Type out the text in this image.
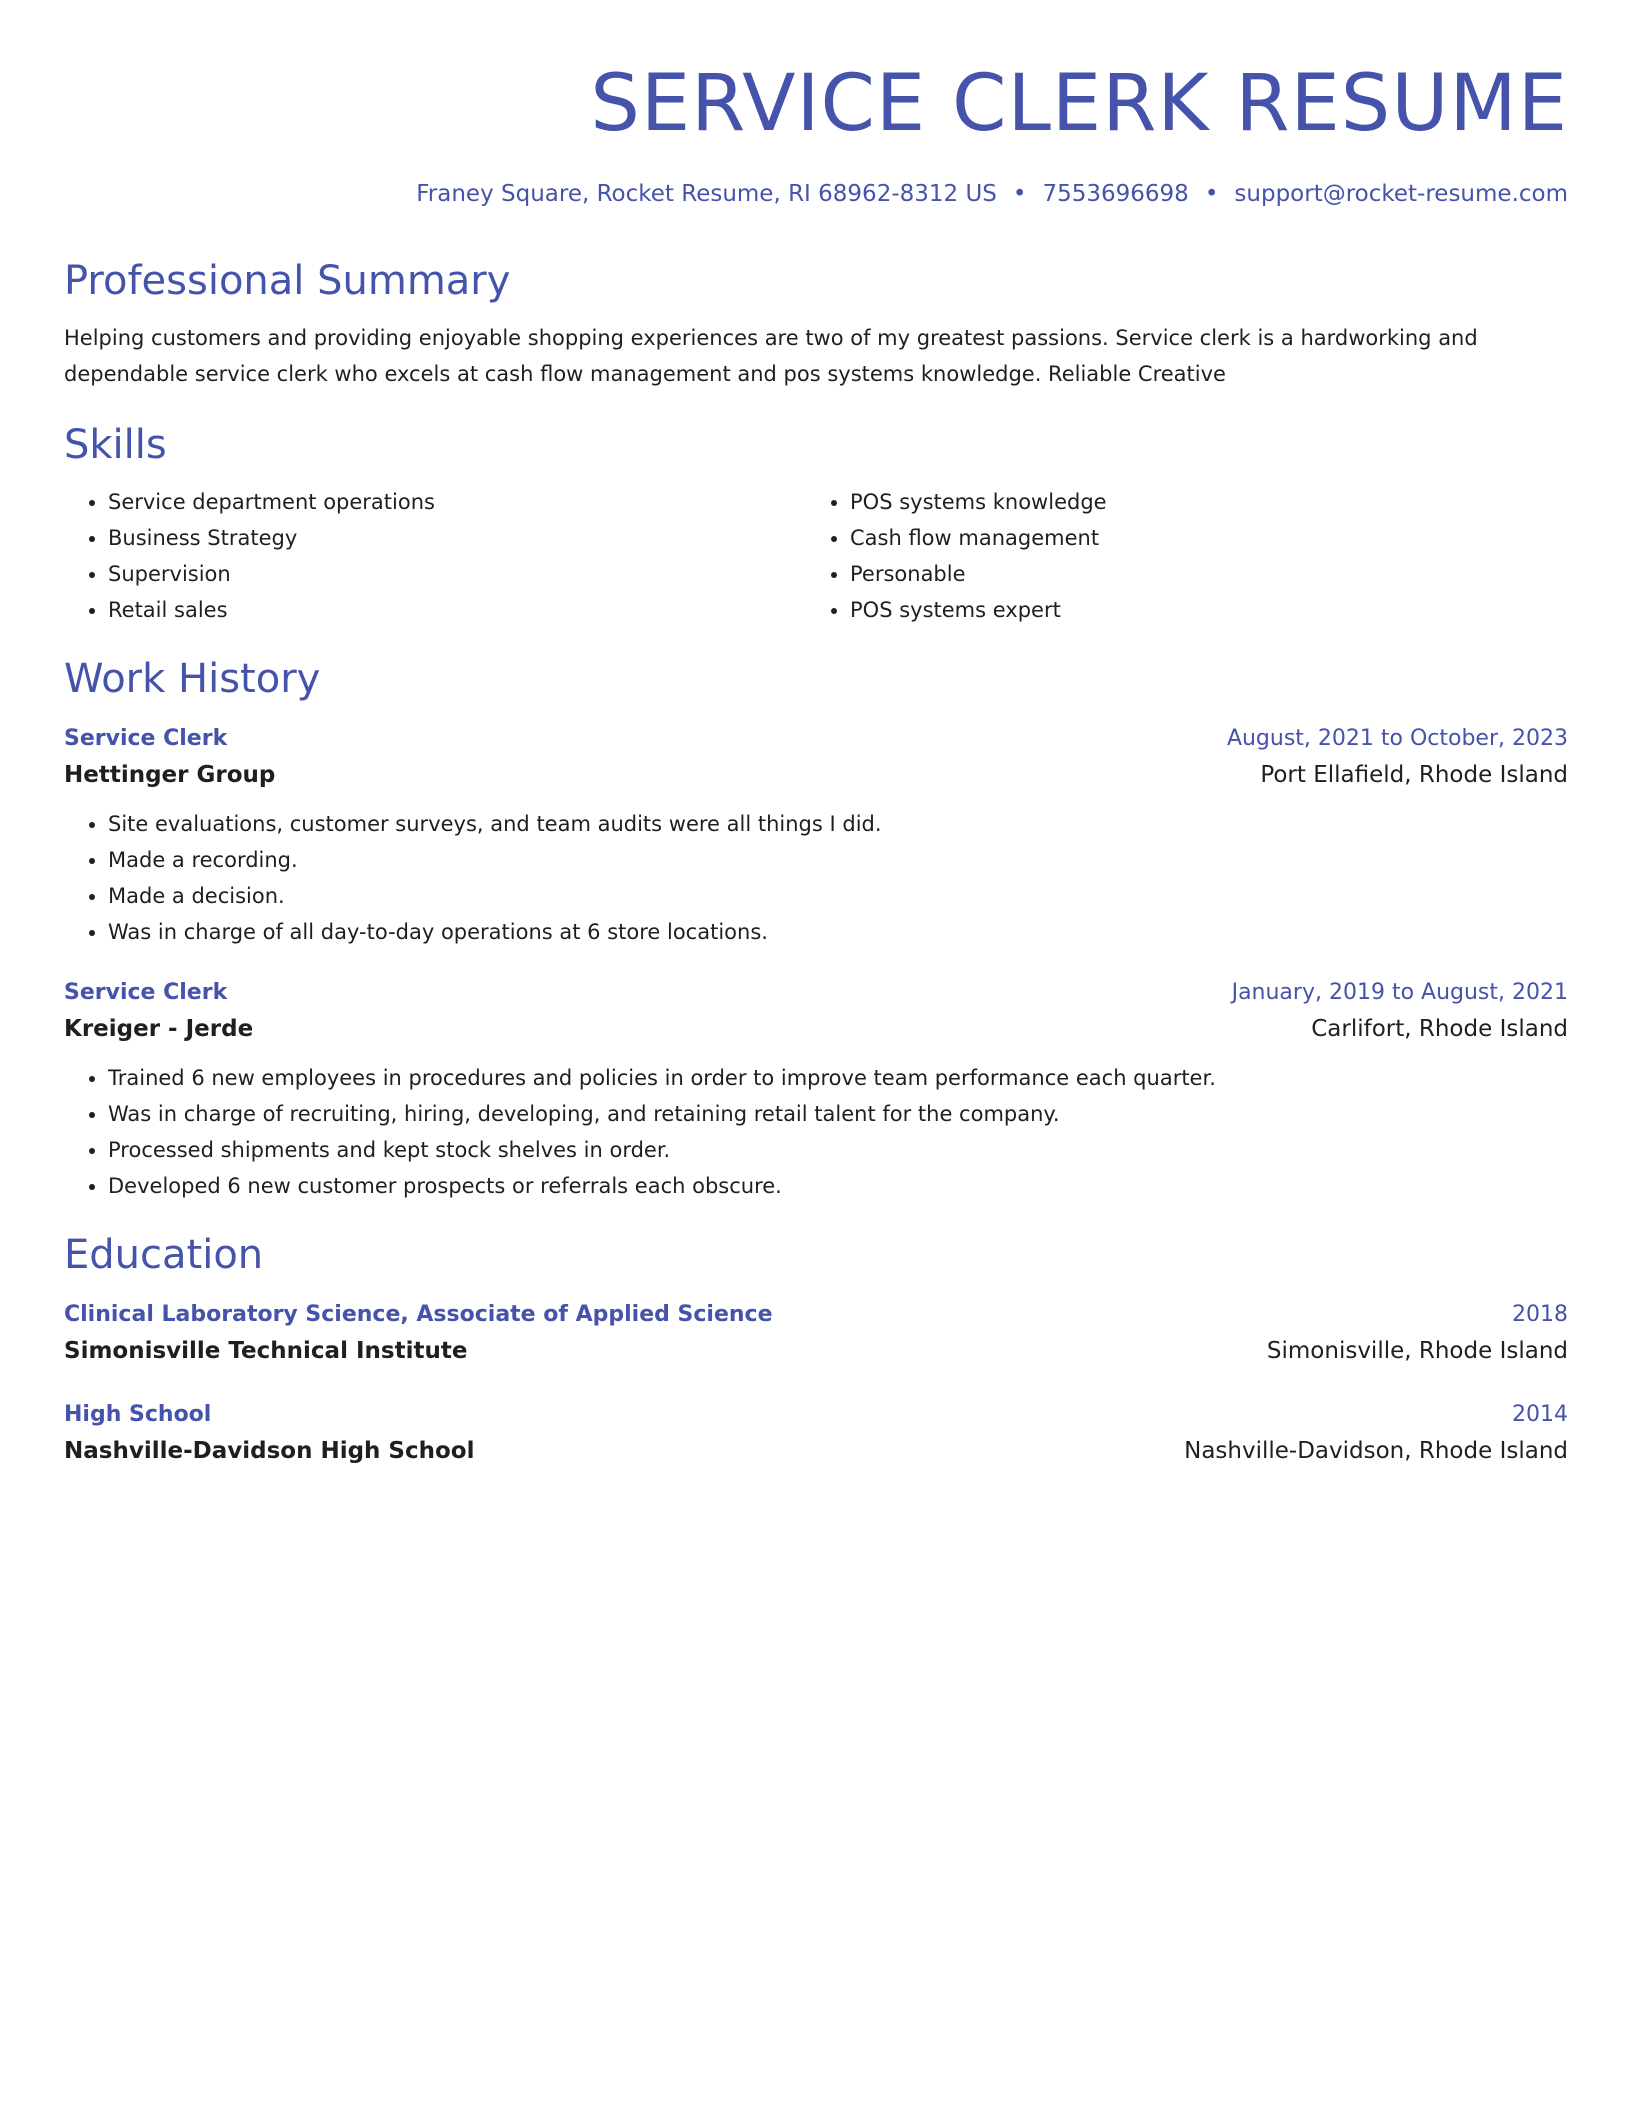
SERVICE CLERK RESUME
Franey Square, Rocket Resume, RI 68962-8312 US • 7553696698 • support@rocket-resume.com
Professional Summary
Helping customers and providing enjoyable shopping experiences are two of my greatest passions. Service clerk is a hardworking and dependable service clerk who excels at cash flow management and pos systems knowledge. Reliable Creative
Skills
• Service department operations
• Business Strategy
• Supervision
• Retail sales
• POS systems knowledge
• Cash flow management
• Personable
• POS systems expert
Work History
Service Clerk	August, 2021 to October, 2023
Hettinger Group	Port Ellafield, Rhode Island
• Site evaluations, customer surveys, and team audits were all things I did.
• Made a recording.
• Made a decision.
• Was in charge of all day-to-day operations at 6 store locations.
Service Clerk	January, 2019 to August, 2021
Kreiger - Jerde	Carlifort, Rhode Island
• Trained 6 new employees in procedures and policies in order to improve team performance each quarter.
• Was in charge of recruiting, hiring, developing, and retaining retail talent for the company.
• Processed shipments and kept stock shelves in order.
• Developed 6 new customer prospects or referrals each obscure.
Education
Clinical Laboratory Science, Associate of Applied Science	2018
Simonisville Technical Institute	Simonisville, Rhode Island
High School	2014
Nashville-Davidson High School	Nashville-Davidson, Rhode Island
